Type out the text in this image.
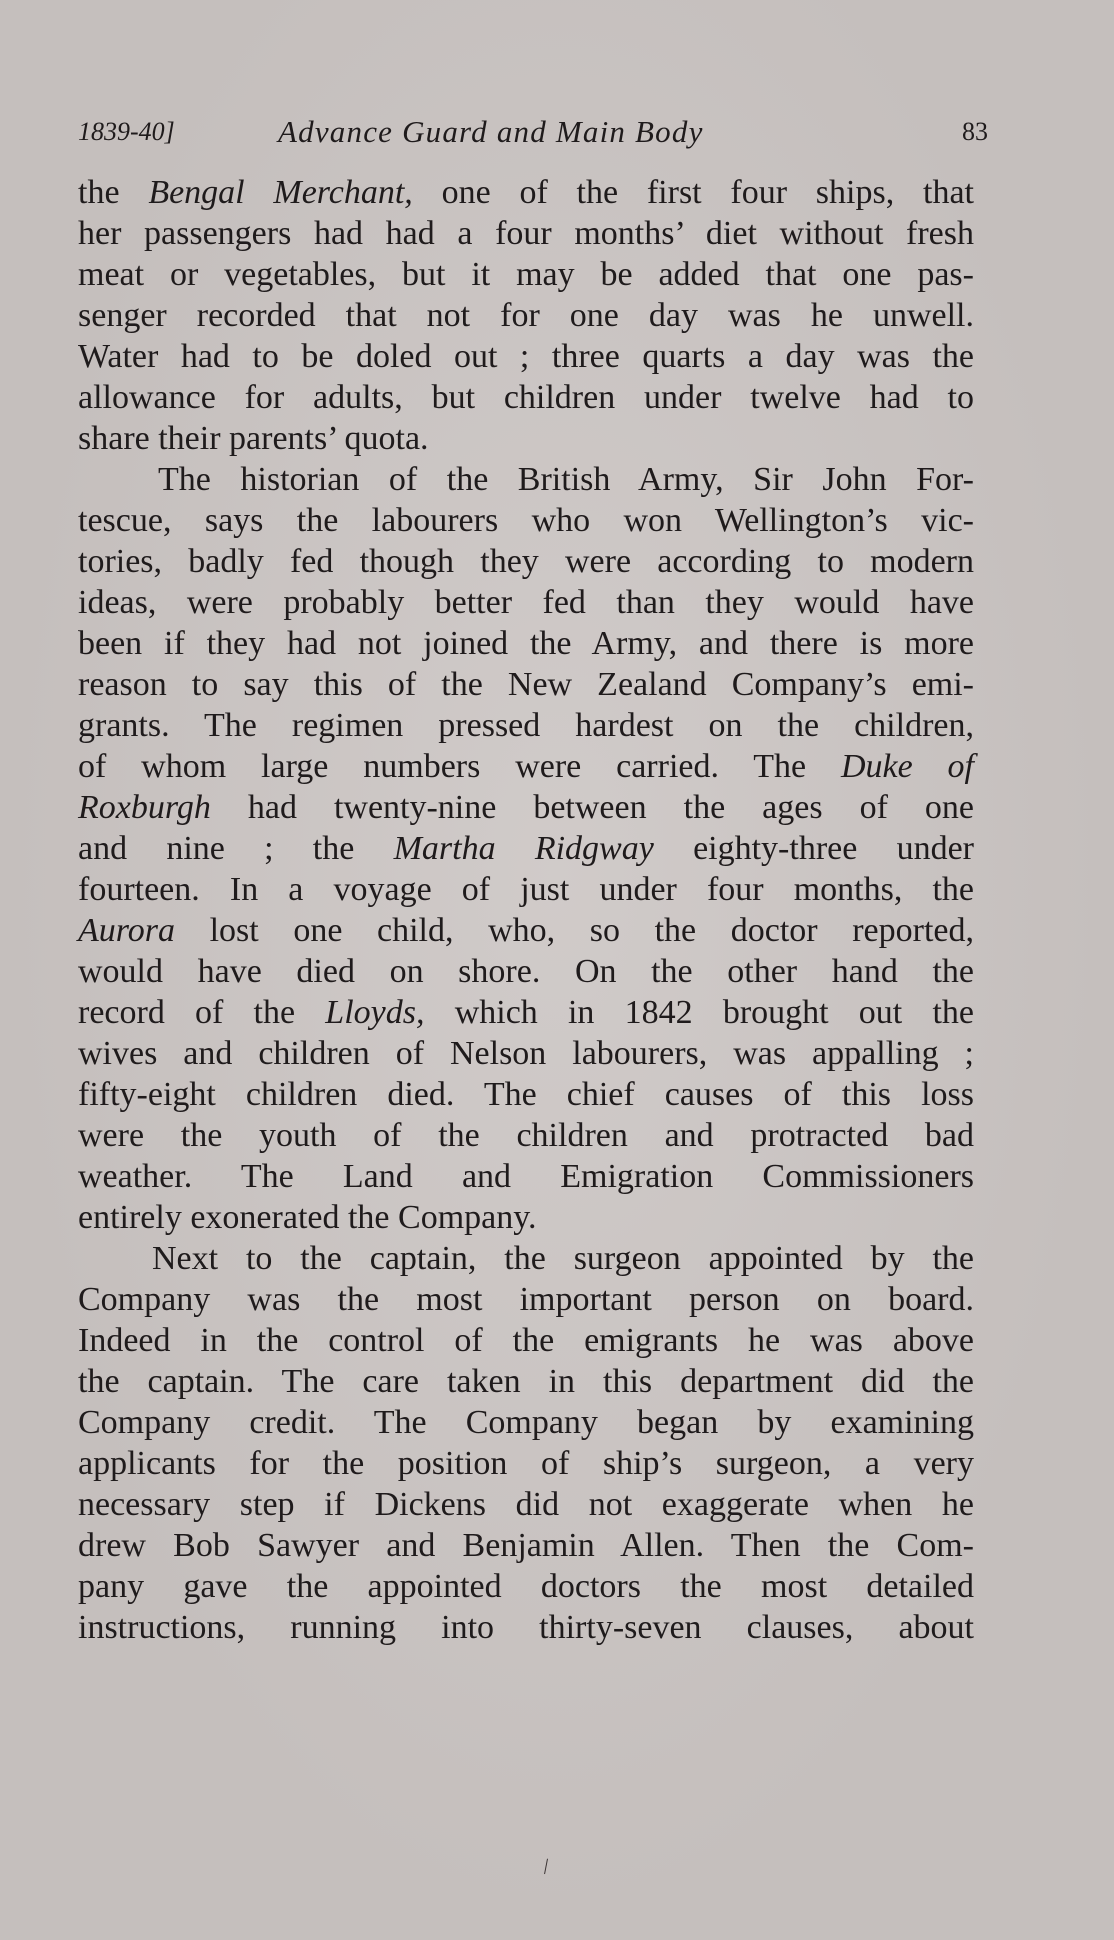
1839-40]	Advance Guard and Main Body	83
the Bengal Merchant, one of the first four ships, that
her passengers had had a four months’ diet without fresh
meat or vegetables, but it may be added that one pas-
senger recorded that not for one day was he unwell.
Water had to be doled out ; three quarts a day was the
allowance for adults, but children under twelve had to
share their parents’ quota.
The historian of the British Army, Sir John For-
tescue, says the labourers who won Wellington’s vic-
tories, badly fed though they were according to modern
ideas, were probably better fed than they would have
been if they had not joined the Army, and there is more
reason to say this of the New Zealand Company’s emi-
grants. The regimen pressed hardest on the children,
of whom large numbers were carried. The Duke of
Roxburgh had twenty-nine between the ages of one
and nine ; the Martha Ridgway eighty-three under
fourteen. In a voyage of just under four months, the
Aurora lost one child, who, so the doctor reported,
would have died on shore. On the other hand the
record of the Lloyds, which in 1842 brought out the
wives and children of Nelson labourers, was appalling ;
fifty-eight children died. The chief causes of this loss
were the youth of the children and protracted bad
weather. The Land and Emigration Commissioners
entirely exonerated the Company.
Next to the captain, the surgeon appointed by the
Company was the most important person on board.
Indeed in the control of the emigrants he was above
the captain. The care taken in this department did the
Company credit. The Company began by examining
applicants for the position of ship’s surgeon, a very
necessary step if Dickens did not exaggerate when he
drew Bob Sawyer and Benjamin Allen. Then the Com-
pany gave the appointed doctors the most detailed
instructions, running into thirty-seven clauses, about
/
